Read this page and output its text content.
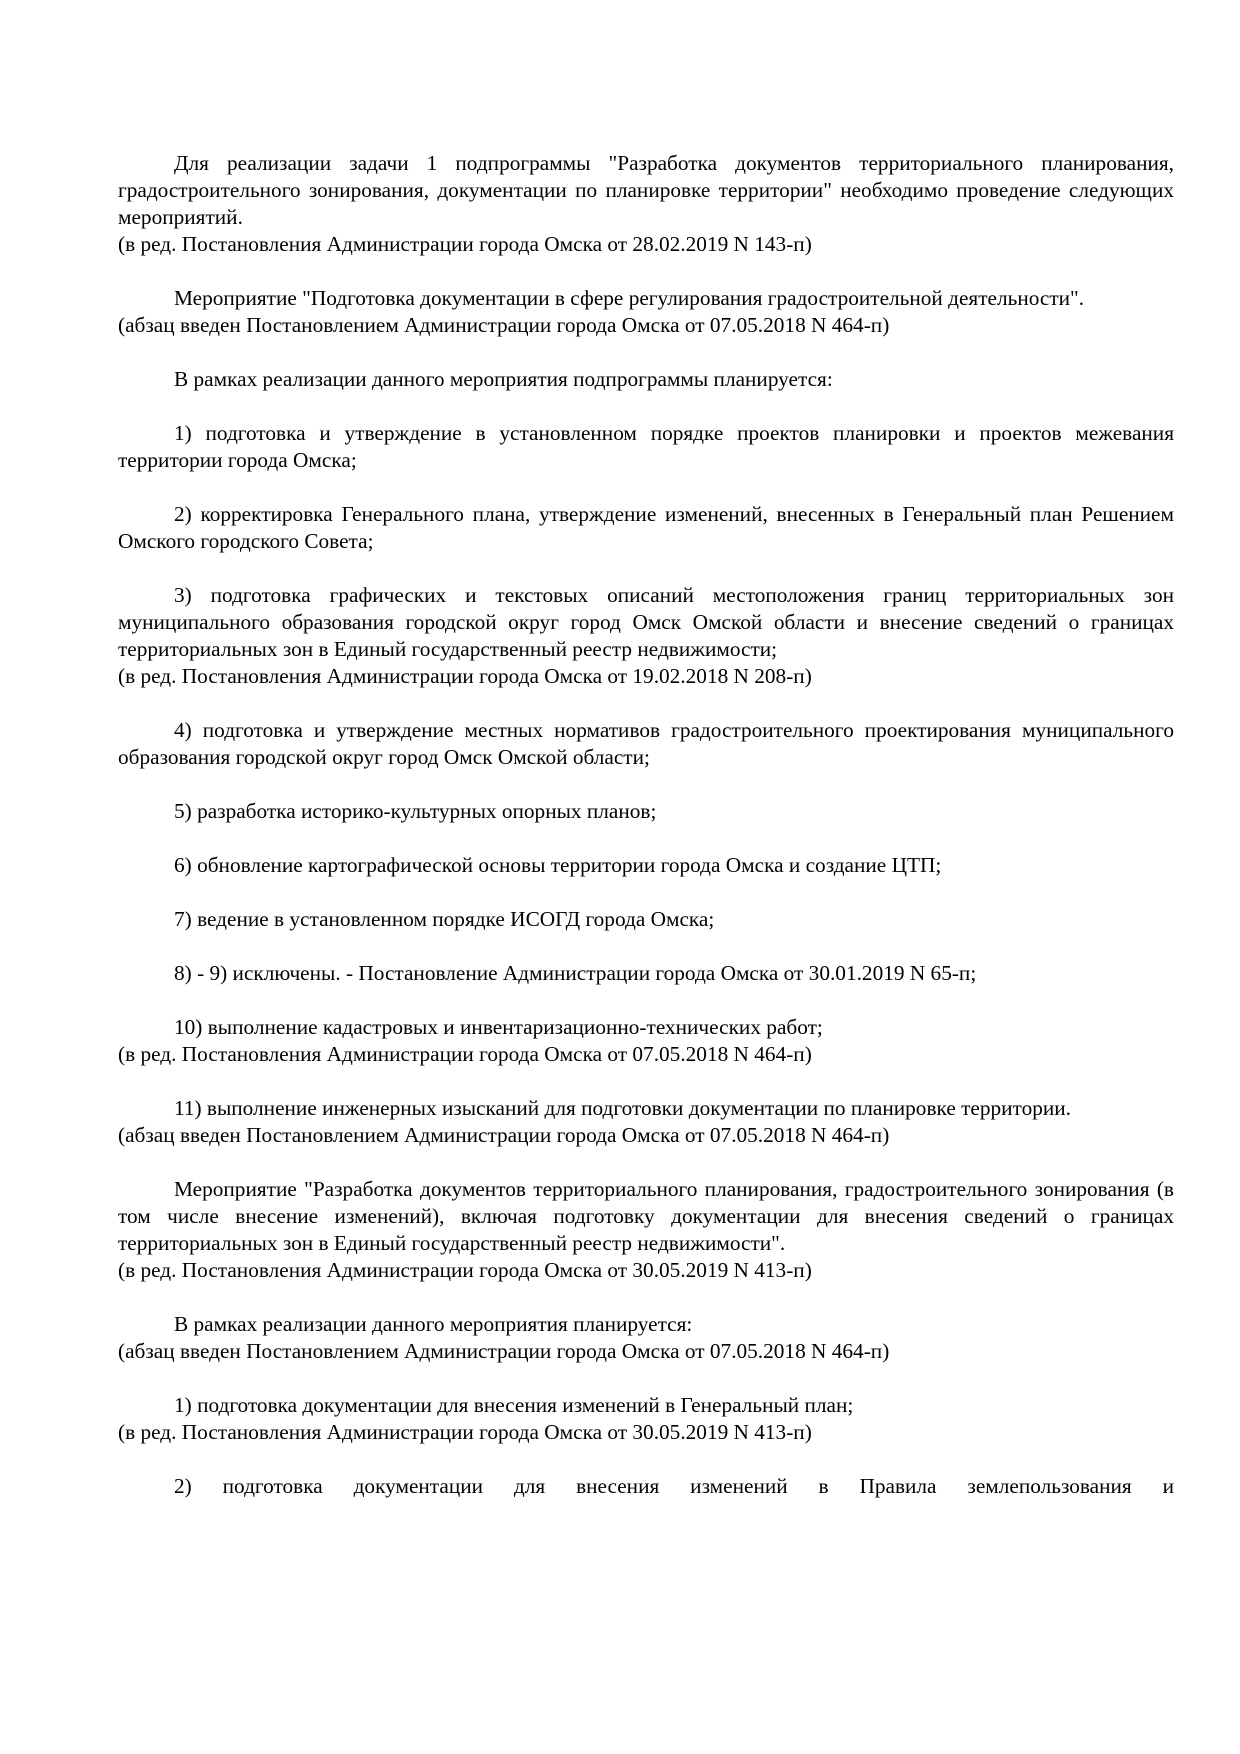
Для реализации задачи 1 подпрограммы "Разработка документов территориального планирования, градостроительного зонирования, документации по планировке территории" необходимо проведение следующих мероприятий.

(в ред. Постановления Администрации города Омска от 28.02.2019 N 143-п)

Мероприятие "Подготовка документации в сфере регулирования градостроительной деятельности".

(абзац введен Постановлением Администрации города Омска от 07.05.2018 N 464-п)

В рамках реализации данного мероприятия подпрограммы планируется:

1) подготовка и утверждение в установленном порядке проектов планировки и проектов межевания территории города Омска;

2) корректировка Генерального плана, утверждение изменений, внесенных в Генеральный план Решением Омского городского Совета;

3) подготовка графических и текстовых описаний местоположения границ территориальных зон муниципального образования городской округ город Омск Омской области и внесение сведений о границах территориальных зон в Единый государственный реестр недвижимости;

(в ред. Постановления Администрации города Омска от 19.02.2018 N 208-п)

4) подготовка и утверждение местных нормативов градостроительного проектирования муниципального образования городской округ город Омск Омской области;

5) разработка историко-культурных опорных планов;

6) обновление картографической основы территории города Омска и создание ЦТП;

7) ведение в установленном порядке ИСОГД города Омска;

8) - 9) исключены. - Постановление Администрации города Омска от 30.01.2019 N 65-п;

10) выполнение кадастровых и инвентаризационно-технических работ;

(в ред. Постановления Администрации города Омска от 07.05.2018 N 464-п)

11) выполнение инженерных изысканий для подготовки документации по планировке территории.

(абзац введен Постановлением Администрации города Омска от 07.05.2018 N 464-п)

Мероприятие "Разработка документов территориального планирования, градостроительного зонирования (в том числе внесение изменений), включая подготовку документации для внесения сведений о границах территориальных зон в Единый государственный реестр недвижимости".

(в ред. Постановления Администрации города Омска от 30.05.2019 N 413-п)

В рамках реализации данного мероприятия планируется:

(абзац введен Постановлением Администрации города Омска от 07.05.2018 N 464-п)

1) подготовка документации для внесения изменений в Генеральный план;

(в ред. Постановления Администрации города Омска от 30.05.2019 N 413-п)

2) подготовка документации для внесения изменений в Правила землепользования и
